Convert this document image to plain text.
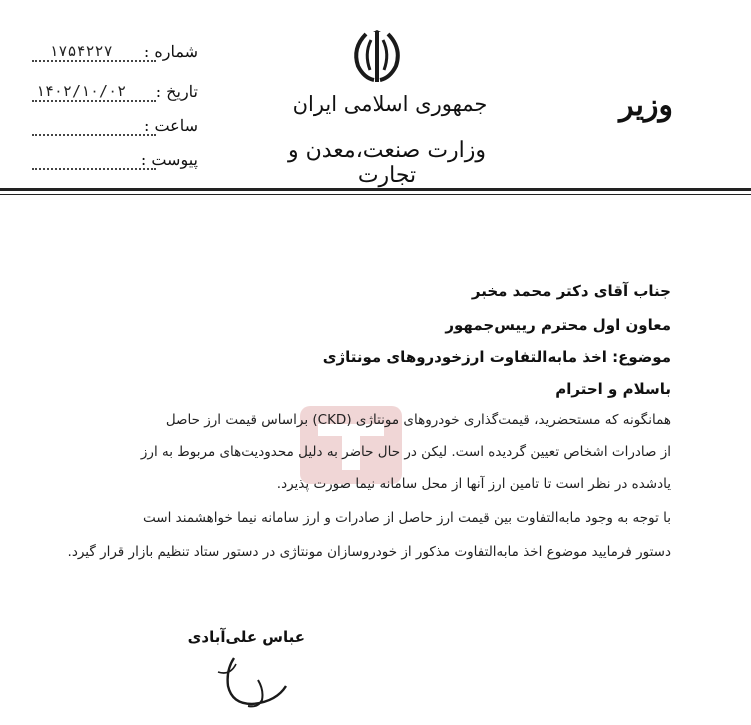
وزیر
جمهوری اسلامی ایران
وزارت صنعت،معدن و تجارت
شماره :
۱۷۵۴۲۲۷
تاریخ :
۱۴۰۲/۱۰/۰۲
ساعت :
پیوست :
جناب آقای دکتر محمد مخبر
معاون اول محترم رییس‌جمهور
موضوع: اخذ مابه‌التفاوت ارزخودروهای مونتاژی
باسلام و احترام
همانگونه که مستحضرید، قیمت‌گذاری خودروهای مونتاژی (CKD) براساس قیمت ارز حاصل
از صادرات اشخاص تعیین گردیده است. لیکن در حال حاضر به دلیل محدودیت‌های مربوط به ارز
یادشده در نظر است تا تامین ارز آنها از محل سامانه نیما صورت پذیرد.
با توجه به وجود مابه‌التفاوت بین قیمت ارز حاصل از صادرات و ارز سامانه نیما خواهشمند است
دستور فرمایید موضوع اخذ مابه‌التفاوت مذکور از خودروسازان مونتاژی در دستور ستاد تنظیم بازار قرار گیرد.
عباس علی‌آبادی
